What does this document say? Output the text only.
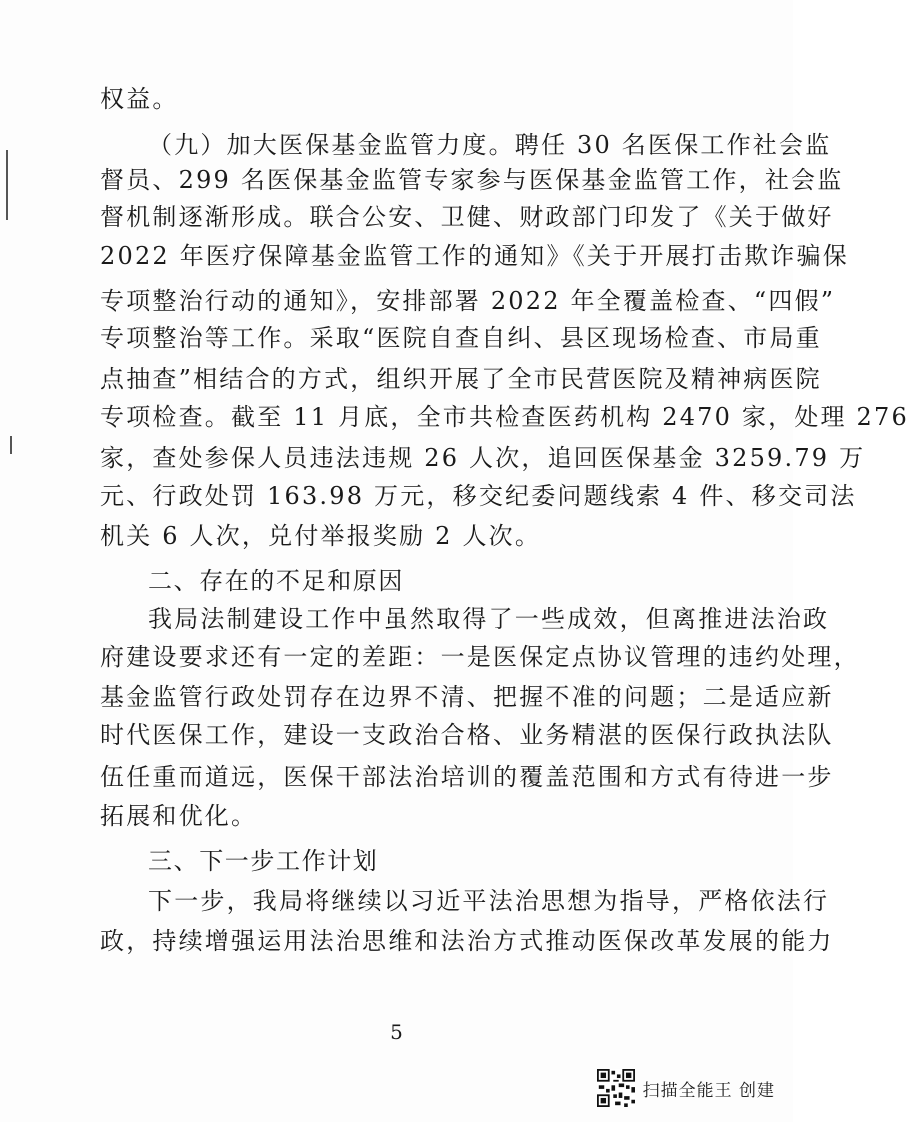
权益。
（九）加大医保基金监管力度。聘任 30 名医保工作社会监
督员、299 名医保基金监管专家参与医保基金监管工作，社会监
督机制逐渐形成。联合公安、卫健、财政部门印发了《关于做好
2022 年医疗保障基金监管工作的通知》《关于开展打击欺诈骗保
专项整治行动的通知》，安排部署 2022 年全覆盖检查、“四假”
专项整治等工作。采取“医院自查自纠、县区现场检查、市局重
点抽查”相结合的方式，组织开展了全市民营医院及精神病医院
专项检查。截至 11 月底，全市共检查医药机构 2470 家，处理 276
家，查处参保人员违法违规 26 人次，追回医保基金 3259.79 万
元、行政处罚 163.98 万元，移交纪委问题线索 4 件、移交司法
机关 6 人次，兑付举报奖励 2 人次。
二、存在的不足和原因
我局法制建设工作中虽然取得了一些成效，但离推进法治政
府建设要求还有一定的差距：一是医保定点协议管理的违约处理，
基金监管行政处罚存在边界不清、把握不准的问题；二是适应新
时代医保工作，建设一支政治合格、业务精湛的医保行政执法队
伍任重而道远，医保干部法治培训的覆盖范围和方式有待进一步
拓展和优化。
三、下一步工作计划
下一步，我局将继续以习近平法治思想为指导，严格依法行
政，持续增强运用法治思维和法治方式推动医保改革发展的能力
5
扫描全能王 创建
